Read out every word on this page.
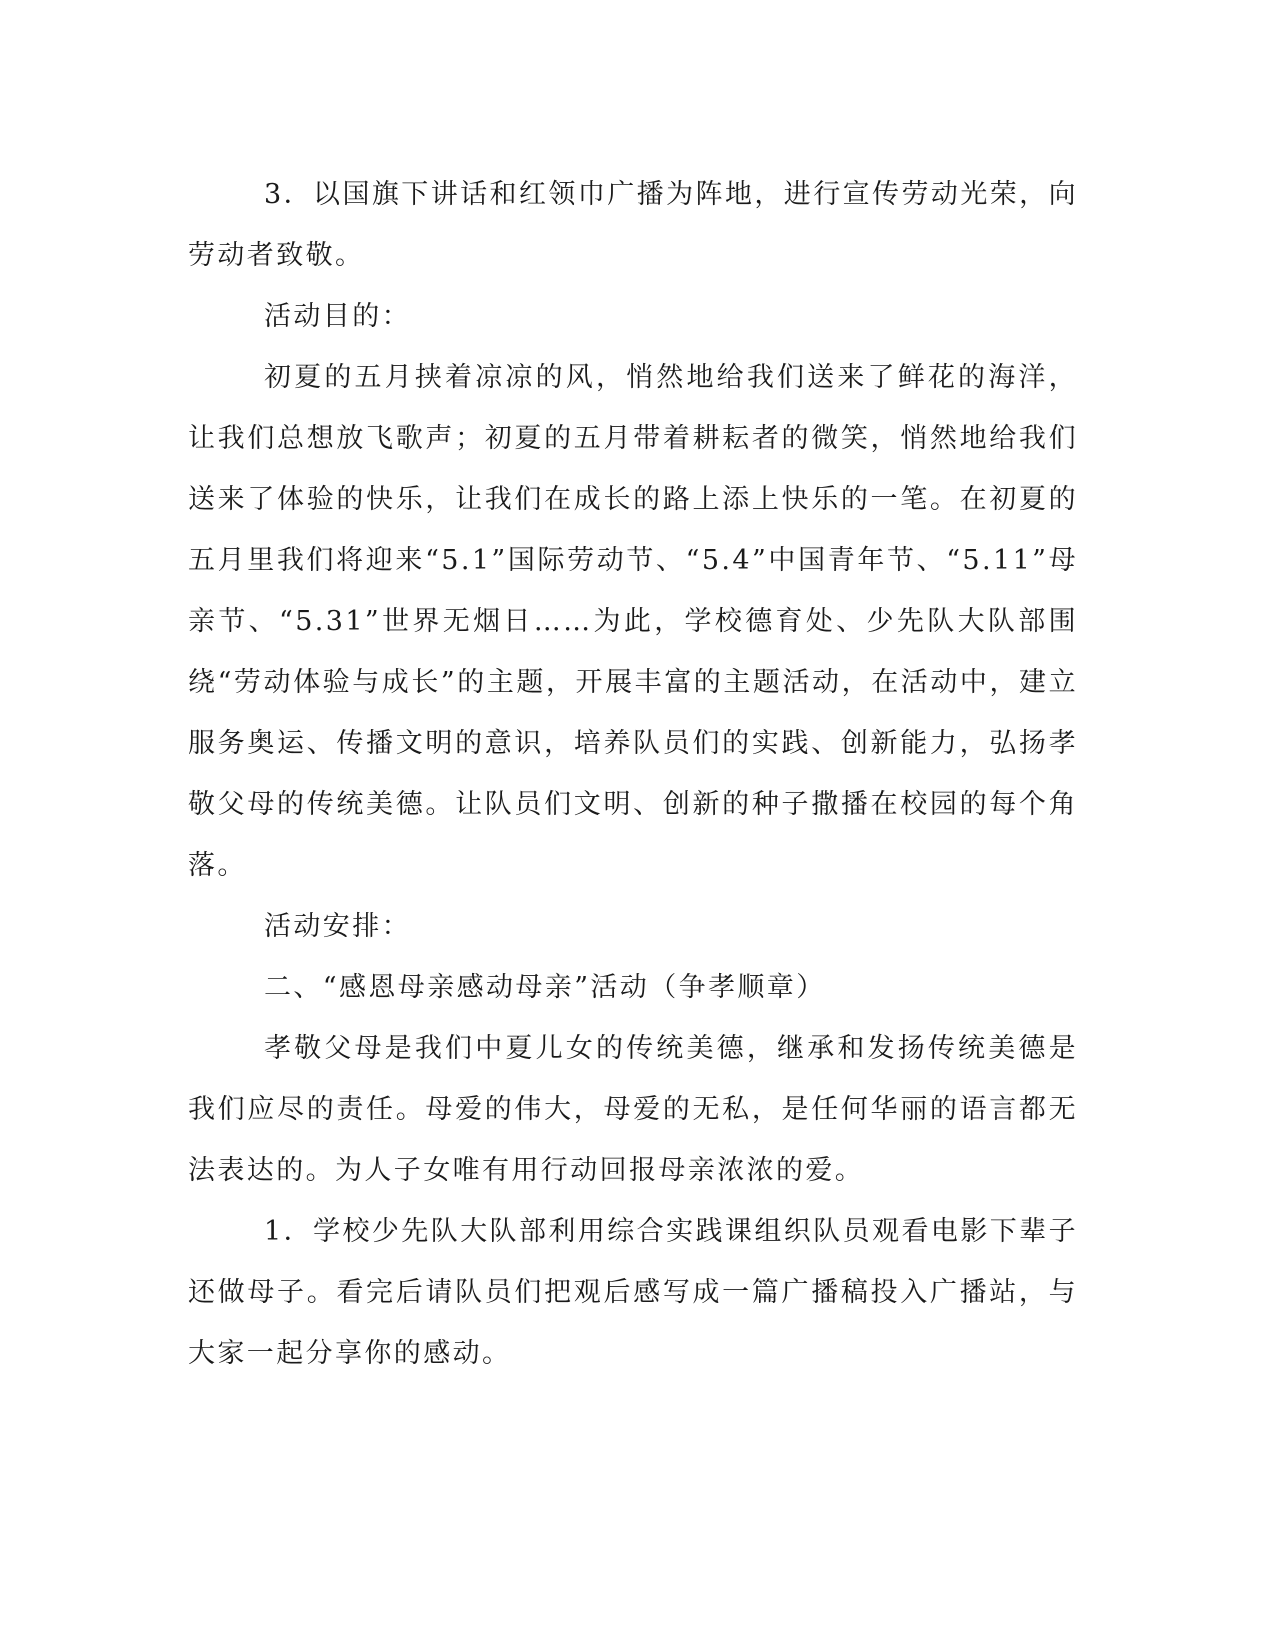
3．以国旗下讲话和红领巾广播为阵地，进行宣传劳动光荣，向劳动者致敬。

活动目的：

初夏的五月挟着凉凉的风，悄然地给我们送来了鲜花的海洋，让我们总想放飞歌声；初夏的五月带着耕耘者的微笑，悄然地给我们送来了体验的快乐，让我们在成长的路上添上快乐的一笔。在初夏的五月里我们将迎来“5.1”国际劳动节、“5.4”中国青年节、“5.11”母亲节、“5.31”世界无烟日……为此，学校德育处、少先队大队部围绕“劳动体验与成长”的主题，开展丰富的主题活动，在活动中，建立服务奥运、传播文明的意识，培养队员们的实践、创新能力，弘扬孝敬父母的传统美德。让队员们文明、创新的种子撒播在校园的每个角落。

活动安排：

二、“感恩母亲感动母亲”活动（争孝顺章）

孝敬父母是我们中夏儿女的传统美德，继承和发扬传统美德是我们应尽的责任。母爱的伟大，母爱的无私，是任何华丽的语言都无法表达的。为人子女唯有用行动回报母亲浓浓的爱。

1．学校少先队大队部利用综合实践课组织队员观看电影下辈子还做母子。看完后请队员们把观后感写成一篇广播稿投入广播站，与大家一起分享你的感动。
